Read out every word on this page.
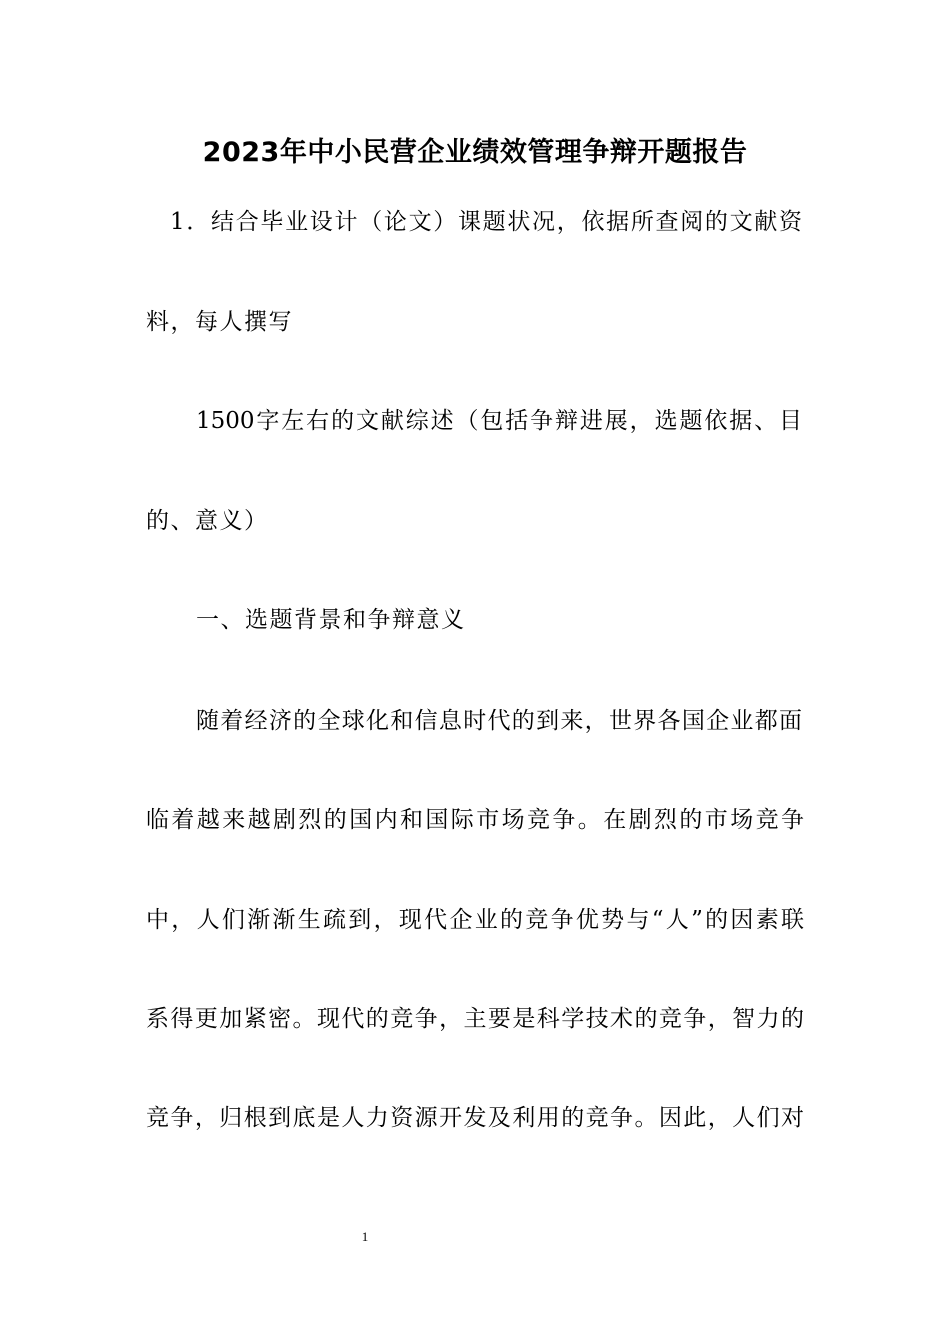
2023年中小民营企业绩效管理争辩开题报告
1．结合毕业设计（论文）课题状况，依据所查阅的文献资
料，每人撰写
1500字左右的文献综述（包括争辩进展，选题依据、目
的、意义）
一、选题背景和争辩意义
随着经济的全球化和信息时代的到来，世界各国企业都面
临着越来越剧烈的国内和国际市场竞争。在剧烈的市场竞争
中，人们渐渐生疏到，现代企业的竞争优势与“人”的因素联
系得更加紧密。现代的竞争，主要是科学技术的竞争，智力的
竞争，归根到底是人力资源开发及利用的竞争。因此，人们对
1
